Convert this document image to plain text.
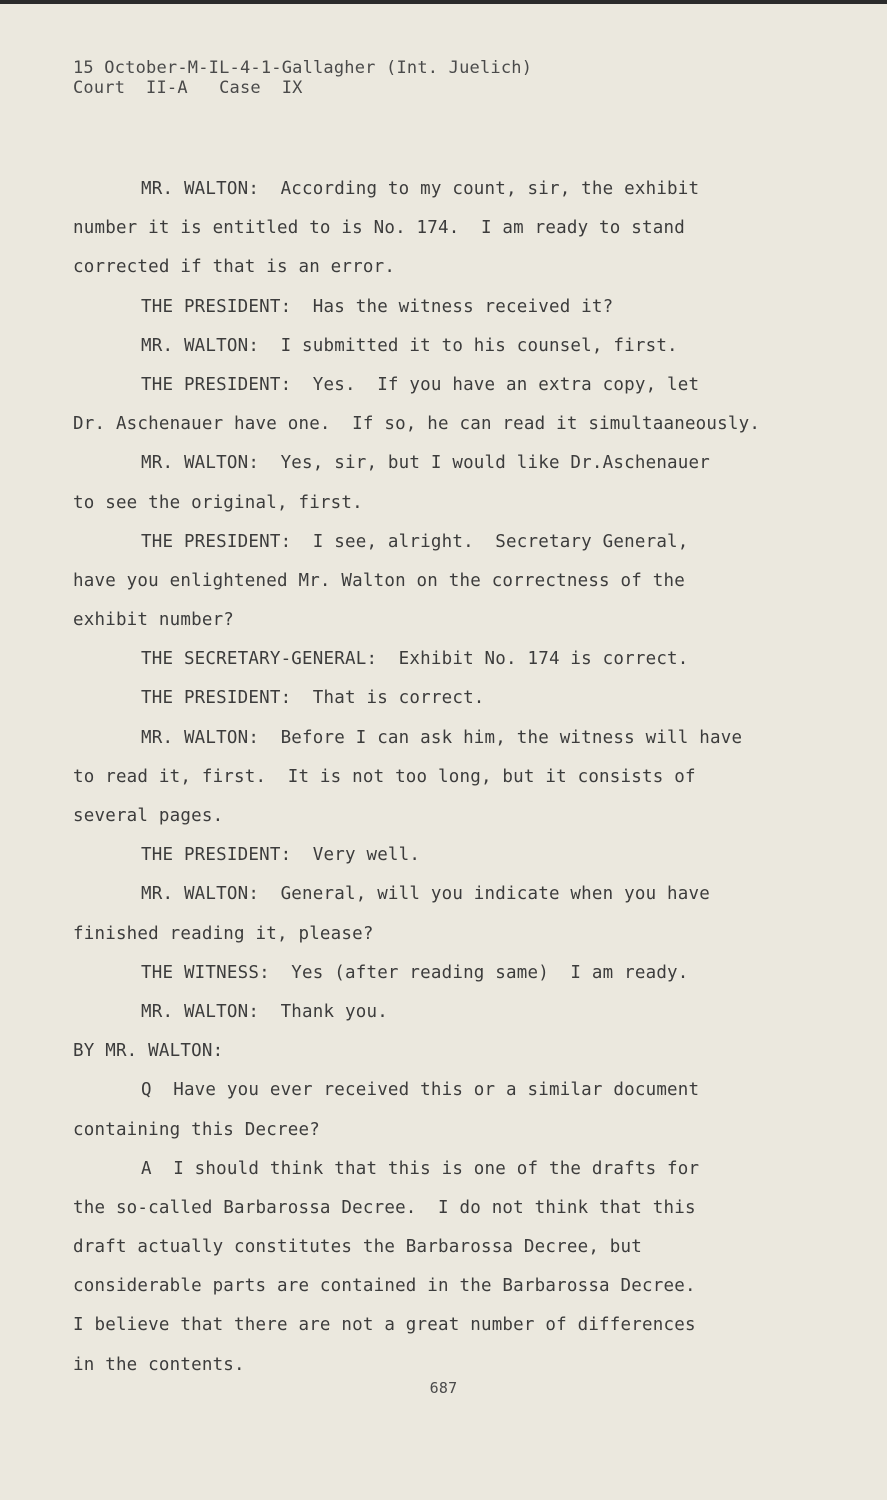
15 October-M-IL-4-1-Gallagher (Int. Juelich)
Court  II-A   Case  IX
MR. WALTON:  According to my count, sir, the exhibit
number it is entitled to is No. 174.  I am ready to stand
corrected if that is an error.
THE PRESIDENT:  Has the witness received it?
MR. WALTON:  I submitted it to his counsel, first.
THE PRESIDENT:  Yes.  If you have an extra copy, let
Dr. Aschenauer have one.  If so, he can read it simultaaneously.
MR. WALTON:  Yes, sir, but I would like Dr.Aschenauer
to see the original, first.
THE PRESIDENT:  I see, alright.  Secretary General,
have you enlightened Mr. Walton on the correctness of the
exhibit number?
THE SECRETARY-GENERAL:  Exhibit No. 174 is correct.
THE PRESIDENT:  That is correct.
MR. WALTON:  Before I can ask him, the witness will have
to read it, first.  It is not too long, but it consists of
several pages.
THE PRESIDENT:  Very well.
MR. WALTON:  General, will you indicate when you have
finished reading it, please?
THE WITNESS:  Yes (after reading same)  I am ready.
MR. WALTON:  Thank you.
BY MR. WALTON:
Q  Have you ever received this or a similar document
containing this Decree?
A  I should think that this is one of the drafts for
the so-called Barbarossa Decree.  I do not think that this
draft actually constitutes the Barbarossa Decree, but
considerable parts are contained in the Barbarossa Decree.
I believe that there are not a great number of differences
in the contents.
687
